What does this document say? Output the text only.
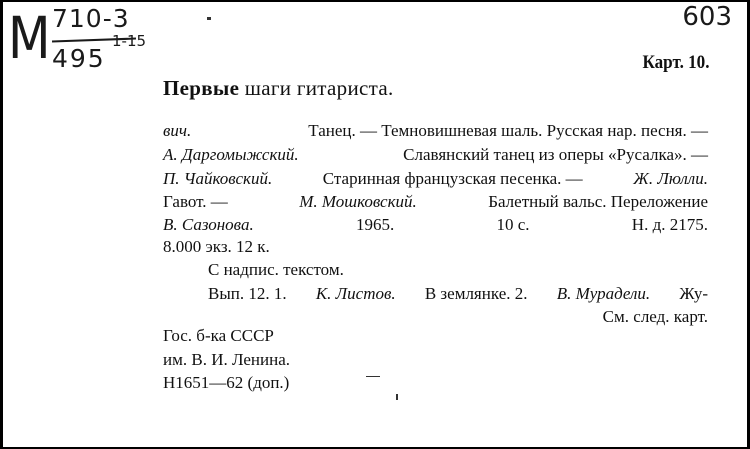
М 710-3
495
1-15
603
Карт. 10.
Первые шаги гитариста.
вич.	Танец. — Темновишневая шаль. Русская нар. песня. —
А. Даргомыжский.	Славянский танец из оперы «Русалка». —
П. Чайковский.	Старинная французская песенка. —	Ж. Люлли.
Гавот. —	М. Мошковский.	Балетный вальс. Переложение
В. Сазонова.	1965.	10 с.	Н. д. 2175.
8.000 экз. 12 к.
С надпис. текстом.
Вып. 12. 1. К. Листов. В землянке. 2. В. Мурадели. Жу-
См. след. карт.
Гос. б-ка СССР
им. В. И. Ленина.
Н1651—62 (доп.)
